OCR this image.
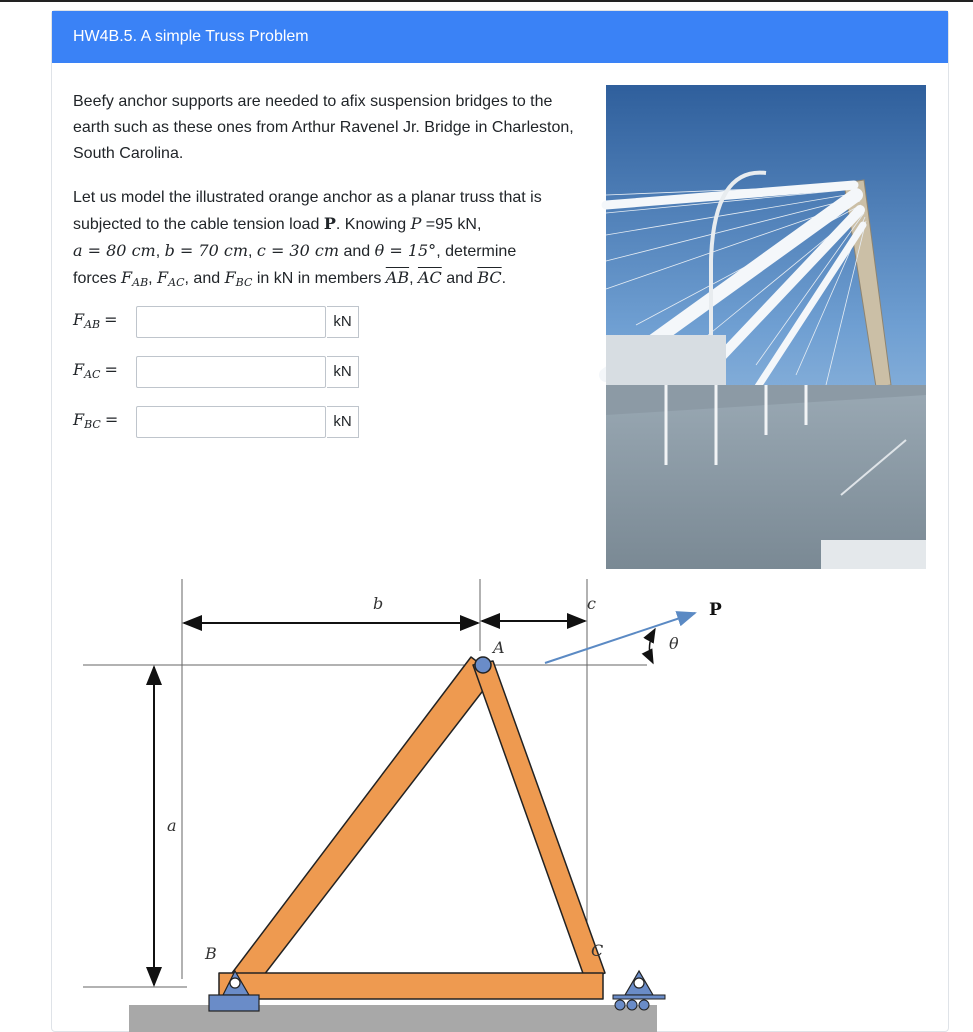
HW4B.5. A simple Truss Problem

Beefy anchor supports are needed to afix suspension bridges to the earth such as these ones from Arthur Ravenel Jr. Bridge in Charleston, South Carolina.

Let us model the illustrated orange anchor as a planar truss that is
subjected to the cable tension load P. Knowing P =95 kN,
a = 80 cm, b = 70 cm, c = 30 cm and θ = 15°, determine
forces $F_{AB}$, $F_{AC}$, and $F_{BC}$ in kN in members $\overline{AB}$, $\overline{AC}$ and $\overline{BC}$.

$F_{AB}$ =	kN
$F_{AC}$ =	kN
$F_{BC}$ =	kN
b	c
A	θ
a
B	C
P
